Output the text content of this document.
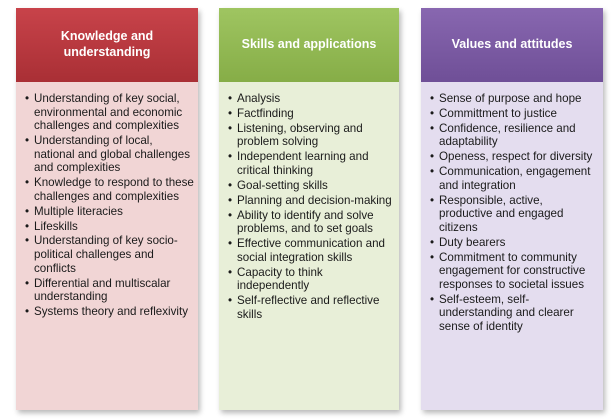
Knowledge and understanding
• Understanding of key social, environmental and economic challenges and complexities
• Understanding of local, national and global challenges and complexities
• Knowledge to respond to these challenges and complexities
• Multiple literacies
• Lifeskills
• Understanding of key socio-political challenges and conflicts
• Differential and multiscalar understanding
• Systems theory and reflexivity
Skills and applications
• Analysis
• Factfinding
• Listening, observing and problem solving
• Independent learning and critical thinking
• Goal-setting skills
• Planning and decision-making
• Ability to identify and solve problems, and to set goals
• Effective communication and social integration skills
• Capacity to think independently
• Self-reflective and reflective skills
Values and attitudes
• Sense of purpose and hope
• Committment to justice
• Confidence, resilience and adaptability
• Openess, respect for diversity
• Communication, engagement and integration
• Responsible, active, productive and engaged citizens
• Duty bearers
• Commitment to community engagement for constructive responses to societal issues
• Self-esteem, self-understanding and clearer sense of identity
